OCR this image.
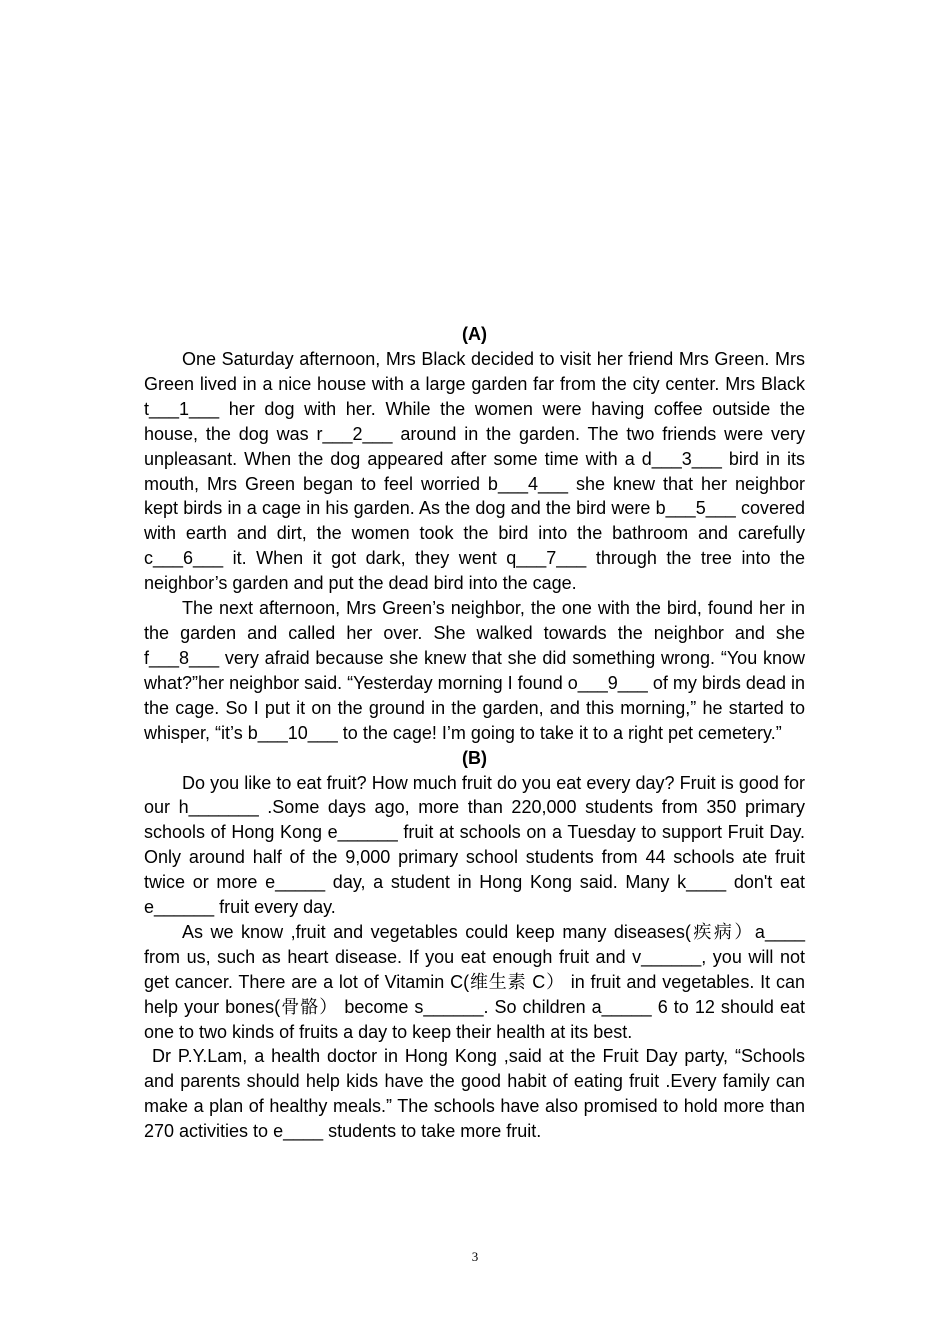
(A)

One Saturday afternoon, Mrs Black decided to visit her friend Mrs Green. Mrs Green lived in a nice house with a large garden far from the city center. Mrs Black t___1___ her dog with her. While the women were having coffee outside the house, the dog was r___2___ around in the garden. The two friends were very unpleasant. When the dog appeared after some time with a d___3___ bird in its mouth, Mrs Green began to feel worried b___4___ she knew that her neighbor kept birds in a cage in his garden. As the dog and the bird were b___5___ covered with earth and dirt, the women took the bird into the bathroom and carefully c___6___ it. When it got dark, they went q___7___ through the tree into the neighbor’s garden and put the dead bird into the cage.

The next afternoon, Mrs Green’s neighbor, the one with the bird, found her in the garden and called her over. She walked towards the neighbor and she f___8___ very afraid because she knew that she did something wrong. “You know what?”her neighbor said. “Yesterday morning I found o___9___ of my birds dead in the cage. So I put it on the ground in the garden, and this morning,” he started to whisper, “it’s b___10___ to the cage! I’m going to take it to a right pet cemetery.”

(B)

Do you like to eat fruit? How much fruit do you eat every day? Fruit is good for our h_______ .Some days ago, more than 220,000 students from 350 primary schools of Hong Kong e______ fruit at schools on a Tuesday to support Fruit Day. Only around half of the 9,000 primary school students from 44 schools ate fruit twice or more e_____ day, a student in Hong Kong said. Many k____ don't eat e______ fruit every day.

As we know ,fruit and vegetables could keep many diseases(疾病）a____ from us, such as heart disease. If you eat enough fruit and v______, you will not get cancer. There are a lot of Vitamin C(维生素 C） in fruit and vegetables. It can help your bones(骨骼） become s______. So children a_____ 6 to 12 should eat one to two kinds of fruits a day to keep their health at its best.

Dr P.Y.Lam, a health doctor in Hong Kong ,said at the Fruit Day party, “Schools and parents should help kids have the good habit of eating fruit .Every family can make a plan of healthy meals.” The schools have also promised to hold more than 270 activities to e____ students to take more fruit.

3
